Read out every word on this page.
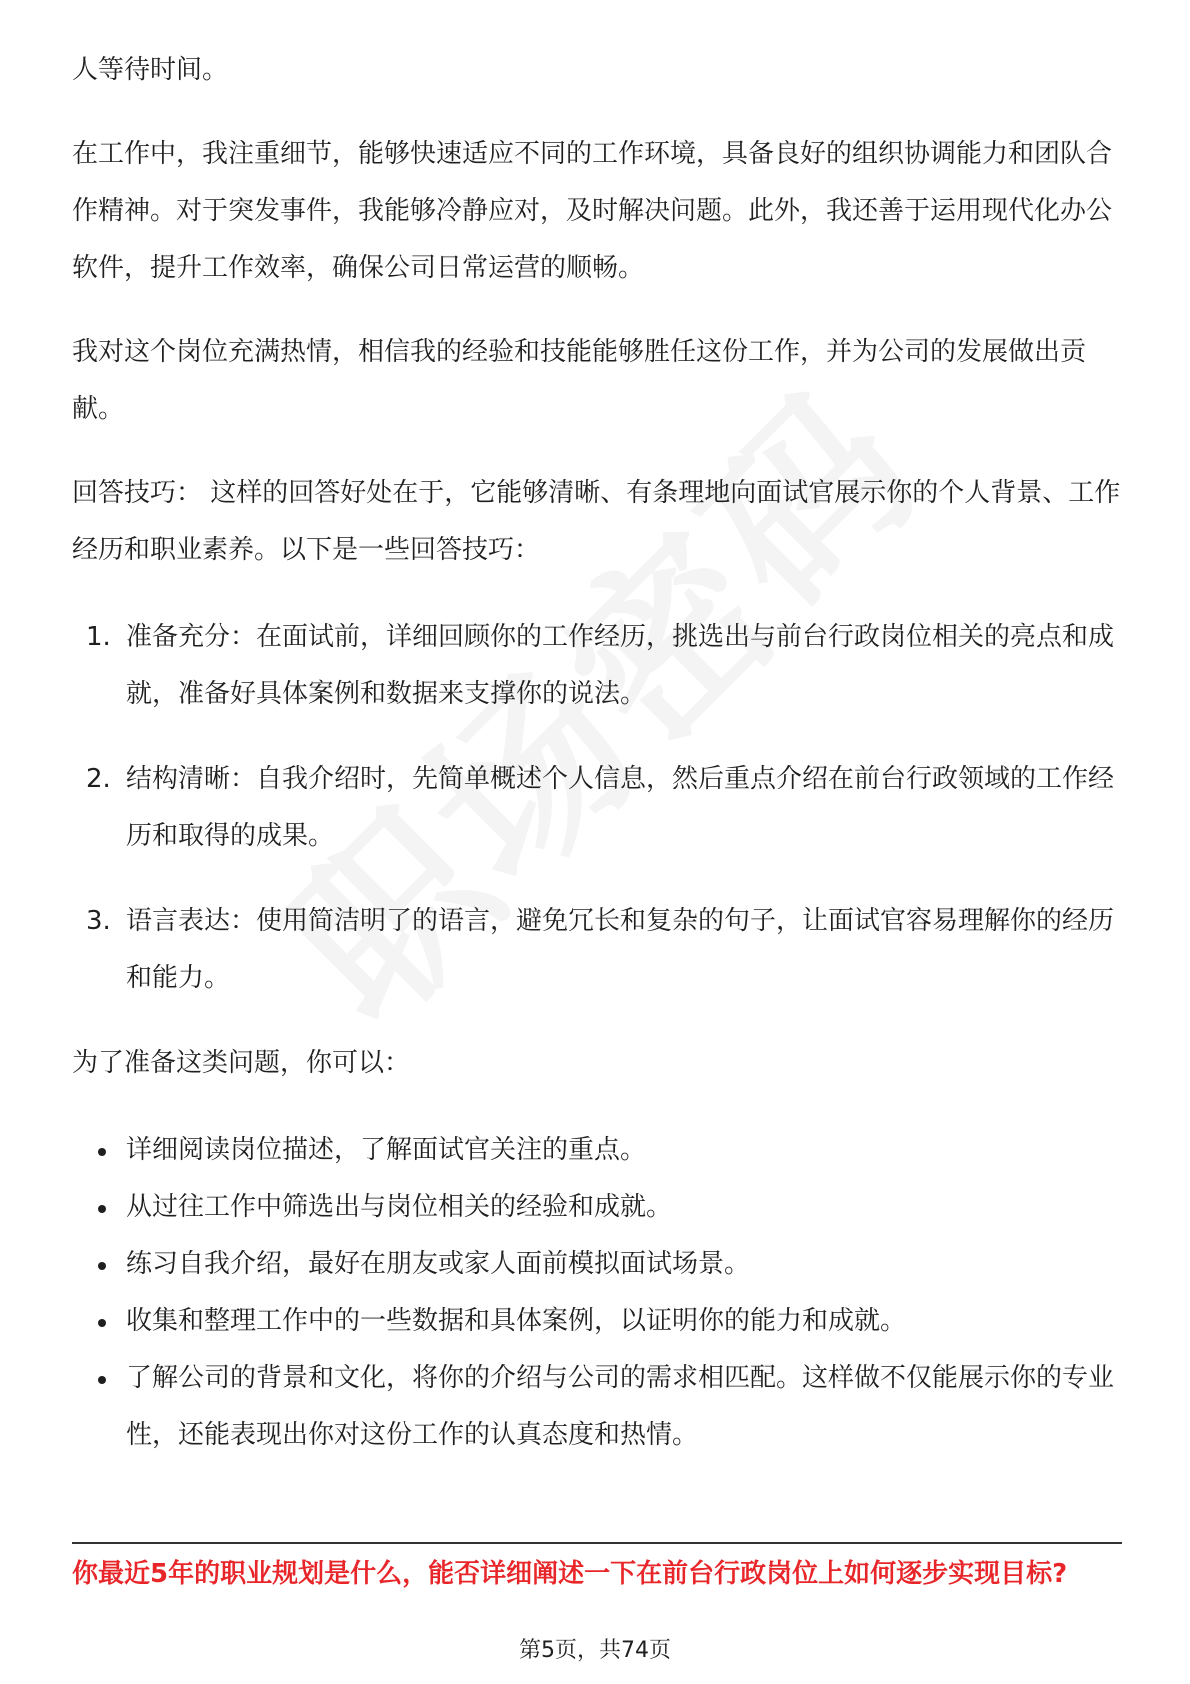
人等待时间。

在工作中，我注重细节，能够快速适应不同的工作环境，具备良好的组织协调能力和团队合作精神。对于突发事件，我能够冷静应对，及时解决问题。此外，我还善于运用现代化办公软件，提升工作效率，确保公司日常运营的顺畅。

我对这个岗位充满热情，相信我的经验和技能能够胜任这份工作，并为公司的发展做出贡献。

回答技巧： 这样的回答好处在于，它能够清晰、有条理地向面试官展示你的个人背景、工作经历和职业素养。以下是一些回答技巧：

1. 准备充分：在面试前，详细回顾你的工作经历，挑选出与前台行政岗位相关的亮点和成就，准备好具体案例和数据来支撑你的说法。
2. 结构清晰：自我介绍时，先简单概述个人信息，然后重点介绍在前台行政领域的工作经历和取得的成果。
3. 语言表达：使用简洁明了的语言，避免冗长和复杂的句子，让面试官容易理解你的经历和能力。

为了准备这类问题，你可以：

详细阅读岗位描述，了解面试官关注的重点。
从过往工作中筛选出与岗位相关的经验和成就。
练习自我介绍，最好在朋友或家人面前模拟面试场景。
收集和整理工作中的一些数据和具体案例，以证明你的能力和成就。
了解公司的背景和文化，将你的介绍与公司的需求相匹配。这样做不仅能展示你的专业性，还能表现出你对这份工作的认真态度和热情。
你最近5年的职业规划是什么，能否详细阐述一下在前台行政岗位上如何逐步实现目标?
第5页，共74页
